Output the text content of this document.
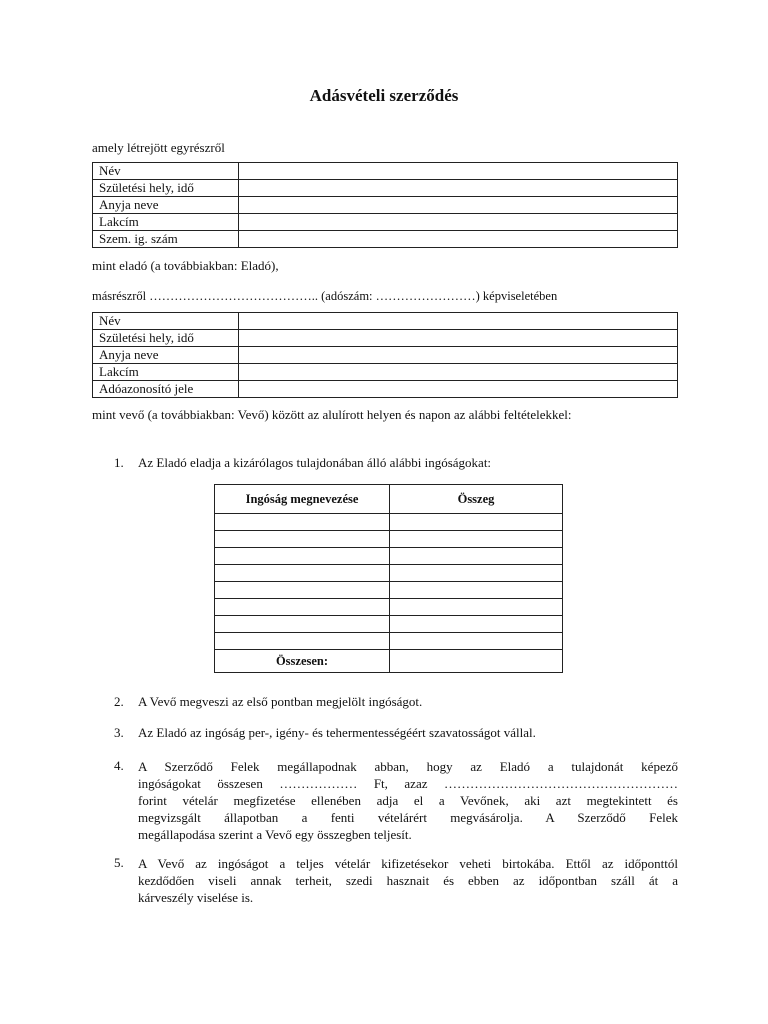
Adásvételi szerződés
amely létrejött egyrészről
Név	
Születési hely, idő	
Anyja neve	
Lakcím	
Szem. ig. szám	
mint eladó (a továbbiakban: Eladó),
másrészről ………………………………….. (adószám: ……………………) képviseletében
Név	
Születési hely, idő	
Anyja neve	
Lakcím	
Adóazonosító jele	
mint vevő (a továbbiakban: Vevő) között az alulírott helyen és napon az alábbi feltételekkel:
1. Az Eladó eladja a kizárólagos tulajdonában álló alábbi ingóságokat:
Ingóság megnevezése	Összeg

Összesen:	
2. A Vevő megveszi az első pontban megjelölt ingóságot.
3. Az Eladó az ingóság per-, igény- és tehermentességéért szavatosságot vállal.
4. A Szerződő Felek megállapodnak abban, hogy az Eladó a tulajdonát képező
ingóságokat összesen ……………… Ft, azaz ………………………………………………
forint vételár megfizetése ellenében adja el a Vevőnek, aki azt megtekintett és
megvizsgált állapotban a fenti vételárért megvásárolja. A Szerződő Felek
megállapodása szerint a Vevő egy összegben teljesít.
5. A Vevő az ingóságot a teljes vételár kifizetésekor veheti birtokába. Ettől az időponttól
kezdődően viseli annak terheit, szedi hasznait és ebben az időpontban száll át a
kárveszély viselése is.
